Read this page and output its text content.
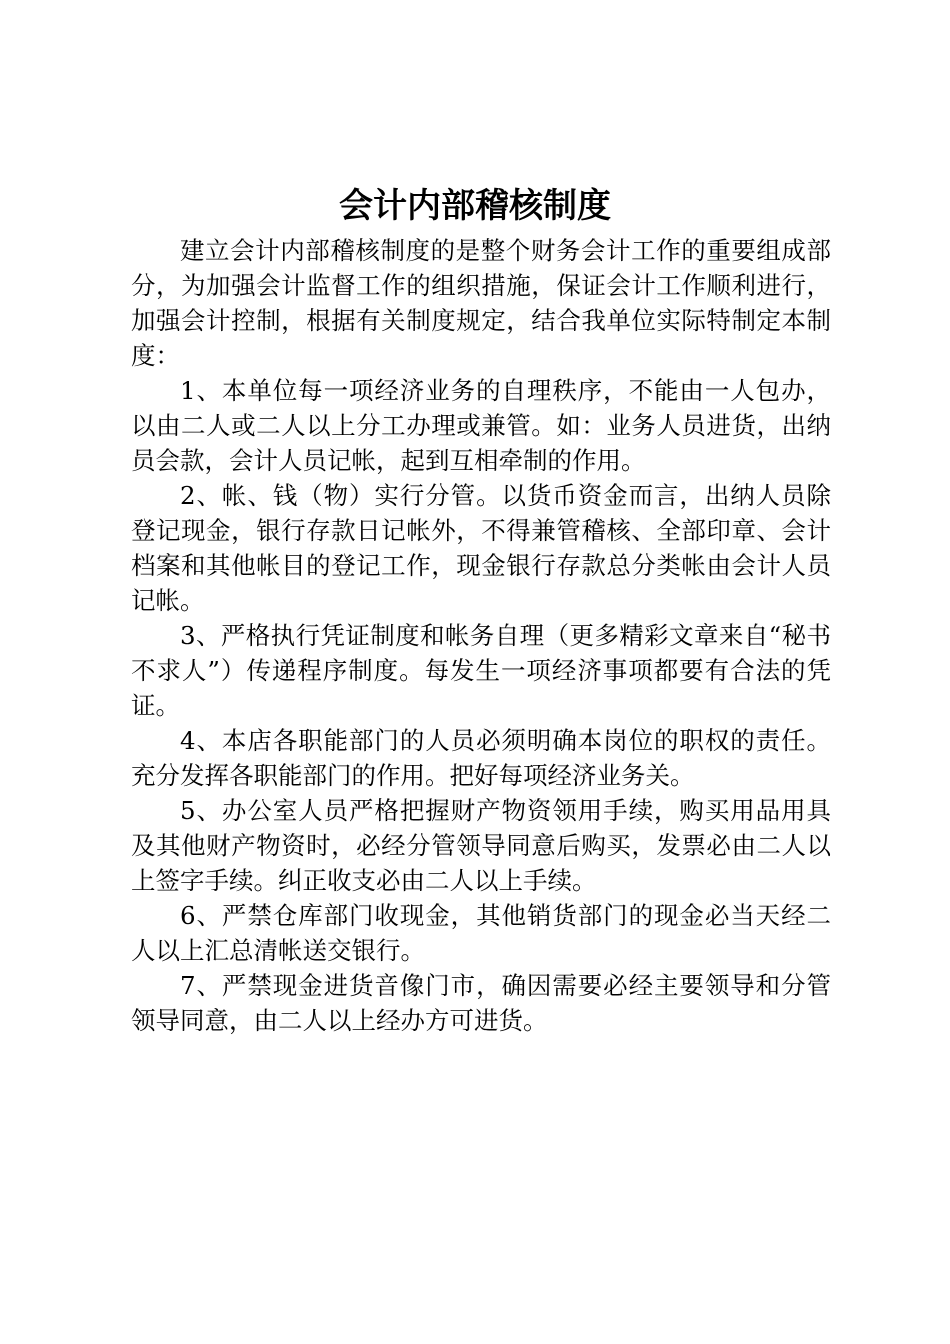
会计内部稽核制度

建立会计内部稽核制度的是整个财务会计工作的重要组成部分，为加强会计监督工作的组织措施，保证会计工作顺利进行，加强会计控制，根据有关制度规定，结合我单位实际特制定本制度：

1、本单位每一项经济业务的自理秩序，不能由一人包办，以由二人或二人以上分工办理或兼管。如：业务人员进货，出纳员会款，会计人员记帐，起到互相牵制的作用。

2、帐、钱（物）实行分管。以货币资金而言，出纳人员除登记现金，银行存款日记帐外，不得兼管稽核、全部印章、会计档案和其他帐目的登记工作，现金银行存款总分类帐由会计人员记帐。

3、严格执行凭证制度和帐务自理（更多精彩文章来自“秘书不求人”）传递程序制度。每发生一项经济事项都要有合法的凭证。

4、本店各职能部门的人员必须明确本岗位的职权的责任。充分发挥各职能部门的作用。把好每项经济业务关。

5、办公室人员严格把握财产物资领用手续，购买用品用具及其他财产物资时，必经分管领导同意后购买，发票必由二人以上签字手续。纠正收支必由二人以上手续。

6、严禁仓库部门收现金，其他销货部门的现金必当天经二人以上汇总清帐送交银行。

7、严禁现金进货音像门市，确因需要必经主要领导和分管领导同意，由二人以上经办方可进货。
